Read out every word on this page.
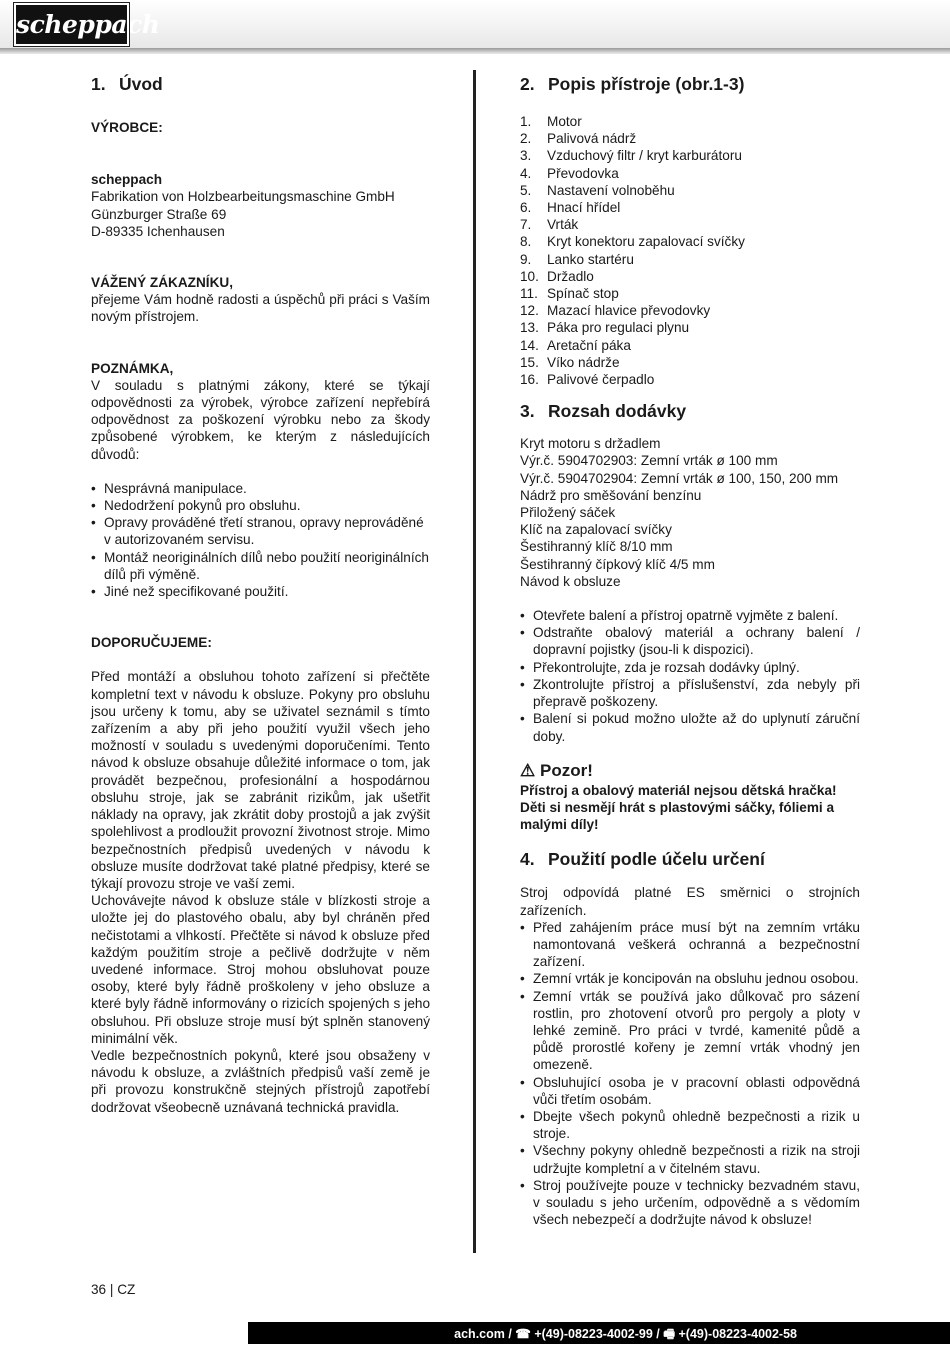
scheppach
1. Úvod

VÝROBCE:

scheppach

Fabrikation von Holzbearbeitungsmaschine GmbH

Günzburger Straße 69

D-89335 Ichenhausen

VÁŽENÝ ZÁKAZNÍKU,

přejeme Vám hodně radosti a úspěchů při práci s Vaším novým přístrojem.

POZNÁMKA,

V souladu s platnými zákony, které se týkají odpovědnosti za výrobek, výrobce zařízení nepřebírá odpovědnost za poškození výrobku nebo za škody způsobené výrobkem, ke kterým z následujících důvodů:

• Nesprávná manipulace.
• Nedodržení pokynů pro obsluhu.
• Opravy prováděné třetí stranou, opravy neprováděné v autorizovaném servisu.
• Montáž neoriginálních dílů nebo použití neoriginálních dílů při výměně.
• Jiné než specifikované použití.

DOPORUČUJEME:

Před montáží a obsluhou tohoto zařízení si přečtěte kompletní text v návodu k obsluze. Pokyny pro obsluhu jsou určeny k tomu, aby se uživatel seznámil s tímto zařízením a aby při jeho použití využil všech jeho možností v souladu s uvedenými doporučeními. Tento návod k obsluze obsahuje důležité informace o tom, jak provádět bezpečnou, profesionální a hospodárnou obsluhu stroje, jak se zabránit rizikům, jak ušetřit náklady na opravy, jak zkrátit doby prostojů a jak zvýšit spolehlivost a prodloužit provozní životnost stroje. Mimo bezpečnostních předpisů uvedených v návodu k obsluze musíte dodržovat také platné předpisy, které se týkají provozu stroje ve vaší zemi.

Uchovávejte návod k obsluze stále v blízkosti stroje a uložte jej do plastového obalu, aby byl chráněn před nečistotami a vlhkostí. Přečtěte si návod k obsluze před každým použitím stroje a pečlivě dodržujte v něm uvedené informace. Stroj mohou obsluhovat pouze osoby, které byly řádně proškoleny v jeho obsluze a které byly řádně informovány o rizicích spojených s jeho obsluhou. Při obsluze stroje musí být splněn stanovený minimální věk.

Vedle bezpečnostních pokynů, které jsou obsaženy v návodu k obsluze, a zvláštních předpisů vaší země je při provozu konstrukčně stejných přístrojů zapotřebí dodržovat všeobecně uznávaná technická pravidla.

2. Popis přístroje (obr.1-3)
1. Motor
2. Palivová nádrž
3. Vzduchový filtr / kryt karburátoru
4. Převodovka
5. Nastavení volnoběhu
6. Hnací hřídel
7. Vrták
8. Kryt konektoru zapalovací svíčky
9. Lanko startéru
10. Držadlo
11. Spínač stop
12. Mazací hlavice převodovky
13. Páka pro regulaci plynu
14. Aretační páka
15. Víko nádrže
16. Palivové čerpadlo
3. Rozsah dodávky

Kryt motoru s držadlem

Výr.č. 5904702903: Zemní vrták ø 100 mm

Výr.č. 5904702904: Zemní vrták ø 100, 150, 200 mm

Nádrž pro směšování benzínu

Přiložený sáček

Klíč na zapalovací svíčky

Šestihranný klíč 8/10 mm

Šestihranný čípkový klíč 4/5 mm

Návod k obsluze

• Otevřete balení a přístroj opatrně vyjměte z balení.
• Odstraňte obalový materiál a ochrany balení / dopravní pojistky (jsou-li k dispozici).
• Překontrolujte, zda je rozsah dodávky úplný.
• Zkontrolujte přístroj a příslušenství, zda nebyly při přepravě poškozeny.
• Balení si pokud možno uložte až do uplynutí záruční doby.
⚠ Pozor!

Přístroj a obalový materiál nejsou dětská hračka! Děti si nesmějí hrát s plastovými sáčky, fóliemi a malými díly!

4. Použití podle účelu určení

Stroj odpovídá platné ES směrnici o strojních zařízeních.

• Před zahájením práce musí být na zemním vrtáku namontovaná veškerá ochranná a bezpečnostní zařízení.
• Zemní vrták je koncipován na obsluhu jednou osobou.
• Zemní vrták se používá jako důlkovač pro sázení rostlin, pro zhotovení otvorů pro pergoly a ploty v lehké zemině. Pro práci v tvrdé, kamenité půdě a půdě prorostlé kořeny je zemní vrták vhodný jen omezeně.
• Obsluhující osoba je v pracovní oblasti odpovědná vůči třetím osobám.
• Dbejte všech pokynů ohledně bezpečnosti a rizik u stroje.
• Všechny pokyny ohledně bezpečnosti a rizik na stroji udržujte kompletní a v čitelném stavu.
• Stroj používejte pouze v technicky bezvadném stavu, v souladu s jeho určením, odpovědně a s vědomím všech nebezpečí a dodržujte návod k obsluze!
36 | CZ
ach.com / ☎ +(49)-08223-4002-99 / 🖷 +(49)-08223-4002-58
